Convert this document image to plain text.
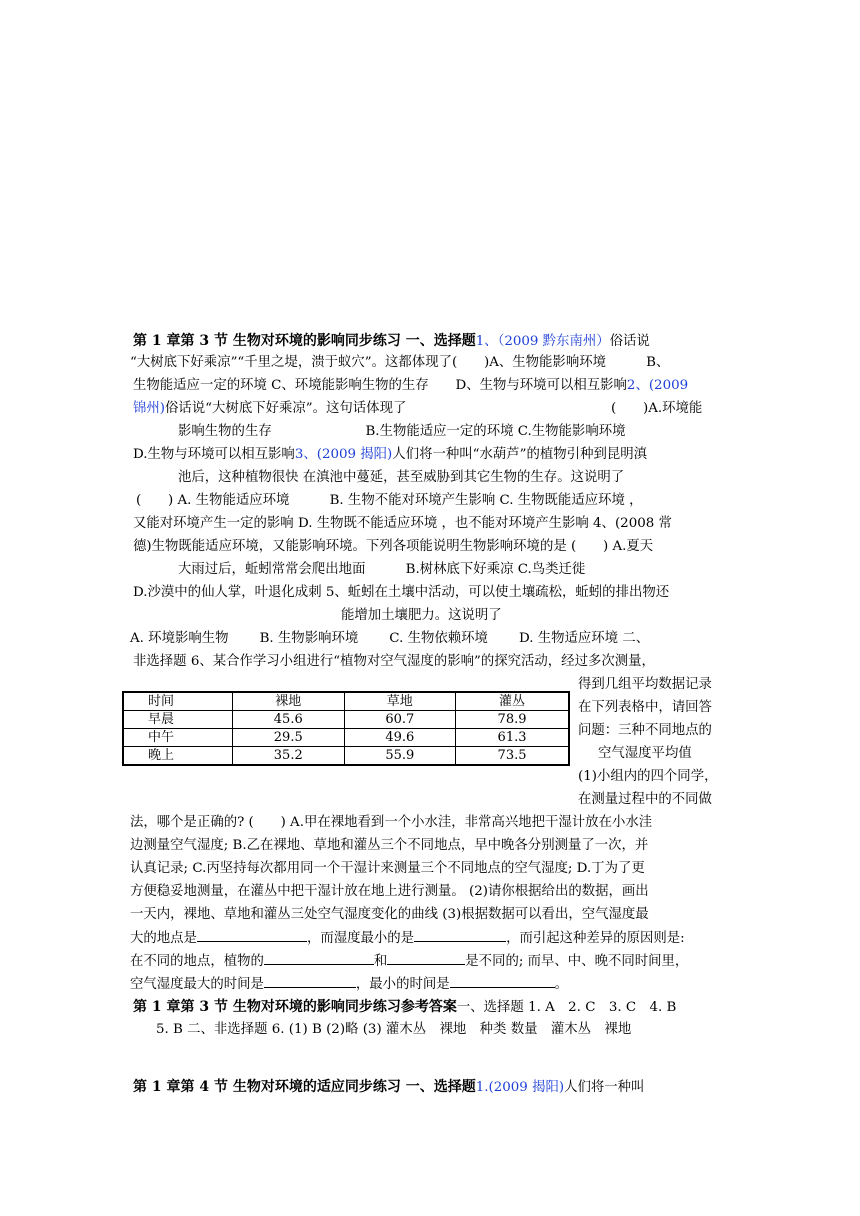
第 1 章第 3 节 生物对环境的影响同步练习 一、选择题1、（2009 黔东南州）俗话说
“大树底下好乘凉”“千里之堤，溃于蚁穴”。这都体现了(　　)A、生物能影响环境　　　B、
生物能适应一定的环境 C、环境能影响生物的生存　　D、生物与环境可以相互影响2、(2009
锦州)俗话说“大树底下好乘凉”。这句话体现了	(　　)A.环境能
影响生物的生存　　　　　　　B.生物能适应一定的环境 C.生物能影响环境
D.生物与环境可以相互影响3、(2009 揭阳)人们将一种叫“水葫芦”的植物引种到昆明滇
池后，这种植物很快 在滇池中蔓延，甚至威胁到其它生物的生存。这说明了
(　　) A. 生物能适应环境　　　B. 生物不能对环境产生影响 C. 生物既能适应环境 ，
又能对环境产生一定的影响 D. 生物既不能适应环境 ，也不能对环境产生影响 4、(2008 常
德)生物既能适应环境，又能影响环境。下列各项能说明生物影响环境的是 (　　) A.夏天
大雨过后，蚯蚓常常会爬出地面　　　B.树林底下好乘凉 C.鸟类迁徙
D.沙漠中的仙人掌，叶退化成刺 5、蚯蚓在土壤中活动，可以使土壤疏松，蚯蚓的排出物还
能增加土壤肥力。这说明了
A. 环境影响生物　　 B. 生物影响环境　　 C. 生物依赖环境　　 D. 生物适应环境 二、
非选择题 6、某合作学习小组进行“植物对空气湿度的影响”的探究活动，经过多次测量，
得到几组平均数据记录
在下列表格中，请回答
问题：三种不同地点的
空气湿度平均值
(1)小组内的四个同学，
在测量过程中的不同做
时间	裸地	草地	灌丛
早晨	45.6	60.7	78.9
中午	29.5	49.6	61.3
晚上	35.2	55.9	73.5
法，哪个是正确的? (　　) A.甲在裸地看到一个小水洼，非常高兴地把干湿计放在小水洼
边测量空气湿度; B.乙在裸地、草地和灌丛三个不同地点，早中晚各分别测量了一次，并
认真记录; C.丙坚持每次都用同一个干湿计来测量三个不同地点的空气湿度; D.丁为了更
方便稳妥地测量，在灌丛中把干湿计放在地上进行测量。 (2)请你根据给出的数据，画出
一天内，裸地、草地和灌丛三处空气湿度变化的曲线 (3)根据数据可以看出，空气湿度最
大的地点是	，而湿度最小的是	，而引起这种差异的原因则是:
在不同的地点，植物的	和	是不同的; 而早、中、晚不同时间里，
空气湿度最大的时间是	，最小的时间是	。
第 1 章第 3 节 生物对环境的影响同步练习参考答案一、选择题 1. A　2. C　3. C　4. B
5. B 二、非选择题 6. (1) B (2)略 (3) 灌木丛　裸地　种类 数量　灌木丛　裸地
第 1 章第 4 节 生物对环境的适应同步练习 一、选择题1.(2009 揭阳)人们将一种叫
